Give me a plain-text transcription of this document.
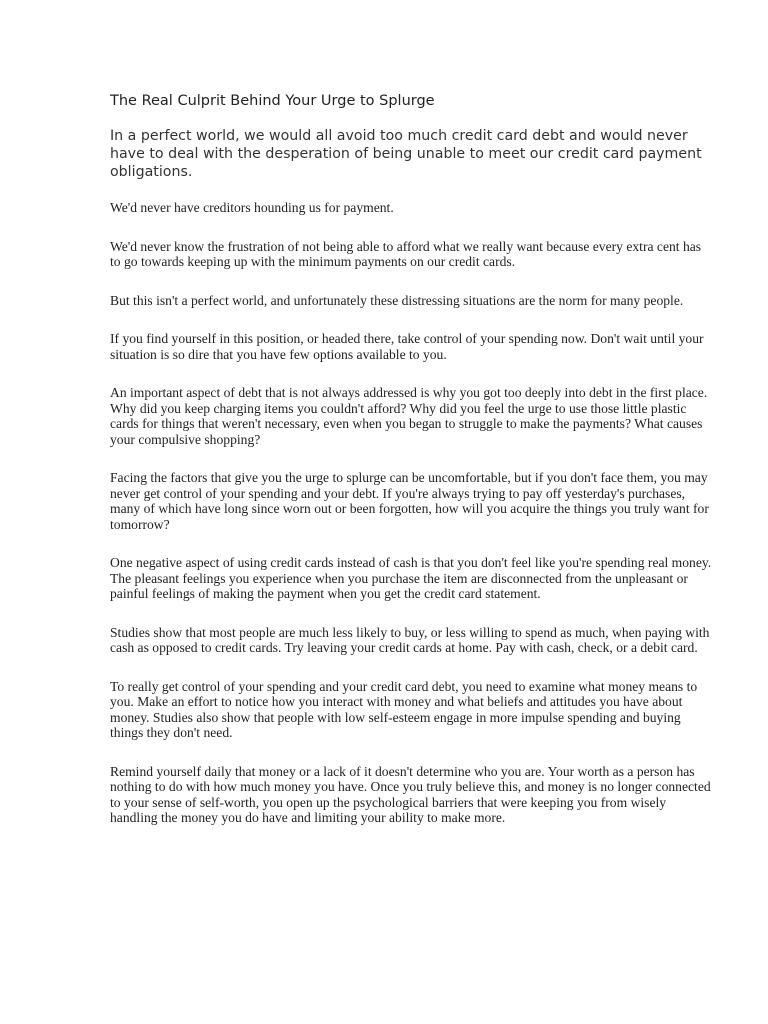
The Real Culprit Behind Your Urge to Splurge

In a perfect world, we would all avoid too much credit card debt and would never have to deal with the desperation of being unable to meet our credit card payment obligations.

We'd never have creditors hounding us for payment.

We'd never know the frustration of not being able to afford what we really want because every extra cent has to go towards keeping up with the minimum payments on our credit cards.

But this isn't a perfect world, and unfortunately these distressing situations are the norm for many people.

If you find yourself in this position, or headed there, take control of your spending now. Don't wait until your situation is so dire that you have few options available to you.

An important aspect of debt that is not always addressed is why you got too deeply into debt in the first place. Why did you keep charging items you couldn't afford? Why did you feel the urge to use those little plastic cards for things that weren't necessary, even when you began to struggle to make the payments? What causes your compulsive shopping?

Facing the factors that give you the urge to splurge can be uncomfortable, but if you don't face them, you may never get control of your spending and your debt. If you're always trying to pay off yesterday's purchases, many of which have long since worn out or been forgotten, how will you acquire the things you truly want for tomorrow?

One negative aspect of using credit cards instead of cash is that you don't feel like you're spending real money. The pleasant feelings you experience when you purchase the item are disconnected from the unpleasant or painful feelings of making the payment when you get the credit card statement.

Studies show that most people are much less likely to buy, or less willing to spend as much, when paying with cash as opposed to credit cards. Try leaving your credit cards at home. Pay with cash, check, or a debit card.

To really get control of your spending and your credit card debt, you need to examine what money means to you. Make an effort to notice how you interact with money and what beliefs and attitudes you have about money. Studies also show that people with low self-esteem engage in more impulse spending and buying things they don't need.

Remind yourself daily that money or a lack of it doesn't determine who you are. Your worth as a person has nothing to do with how much money you have. Once you truly believe this, and money is no longer connected to your sense of self-worth, you open up the psychological barriers that were keeping you from wisely handling the money you do have and limiting your ability to make more.
